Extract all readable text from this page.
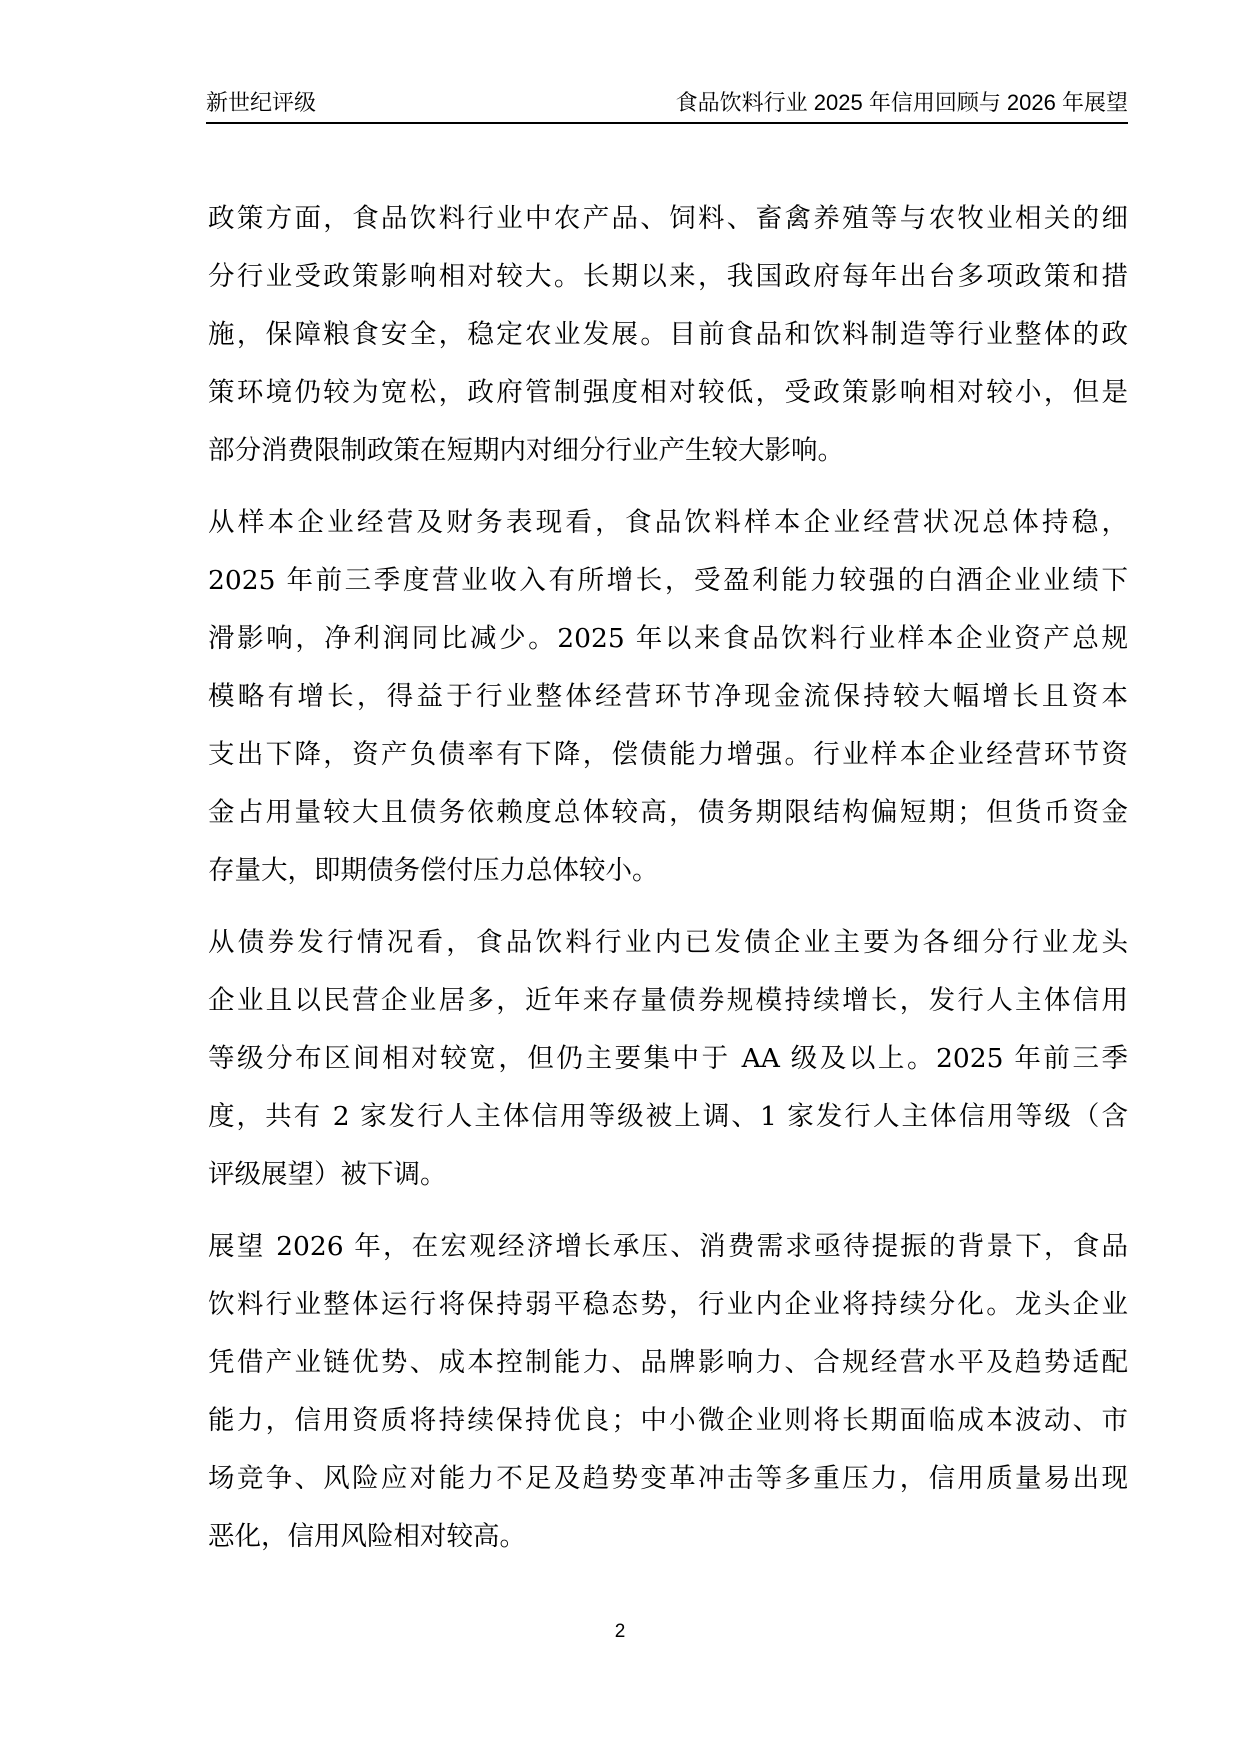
新世纪评级	食品饮料行业 2025 年信用回顾与 2026 年展望
政策方面，食品饮料行业中农产品、饲料、畜禽养殖等与农牧业相关的细
分行业受政策影响相对较大。长期以来，我国政府每年出台多项政策和措
施，保障粮食安全，稳定农业发展。目前食品和饮料制造等行业整体的政
策环境仍较为宽松，政府管制强度相对较低，受政策影响相对较小，但是
部分消费限制政策在短期内对细分行业产生较大影响。
从样本企业经营及财务表现看，食品饮料样本企业经营状况总体持稳，
2025 年前三季度营业收入有所增长，受盈利能力较强的白酒企业业绩下
滑影响，净利润同比减少。2025 年以来食品饮料行业样本企业资产总规
模略有增长，得益于行业整体经营环节净现金流保持较大幅增长且资本
支出下降，资产负债率有下降，偿债能力增强。行业样本企业经营环节资
金占用量较大且债务依赖度总体较高，债务期限结构偏短期；但货币资金
存量大，即期债务偿付压力总体较小。
从债券发行情况看，食品饮料行业内已发债企业主要为各细分行业龙头
企业且以民营企业居多，近年来存量债券规模持续增长，发行人主体信用
等级分布区间相对较宽，但仍主要集中于 AA 级及以上。2025 年前三季
度，共有 2 家发行人主体信用等级被上调、1 家发行人主体信用等级（含
评级展望）被下调。
展望 2026 年，在宏观经济增长承压、消费需求亟待提振的背景下，食品
饮料行业整体运行将保持弱平稳态势，行业内企业将持续分化。龙头企业
凭借产业链优势、成本控制能力、品牌影响力、合规经营水平及趋势适配
能力，信用资质将持续保持优良；中小微企业则将长期面临成本波动、市
场竞争、风险应对能力不足及趋势变革冲击等多重压力，信用质量易出现
恶化，信用风险相对较高。
2
